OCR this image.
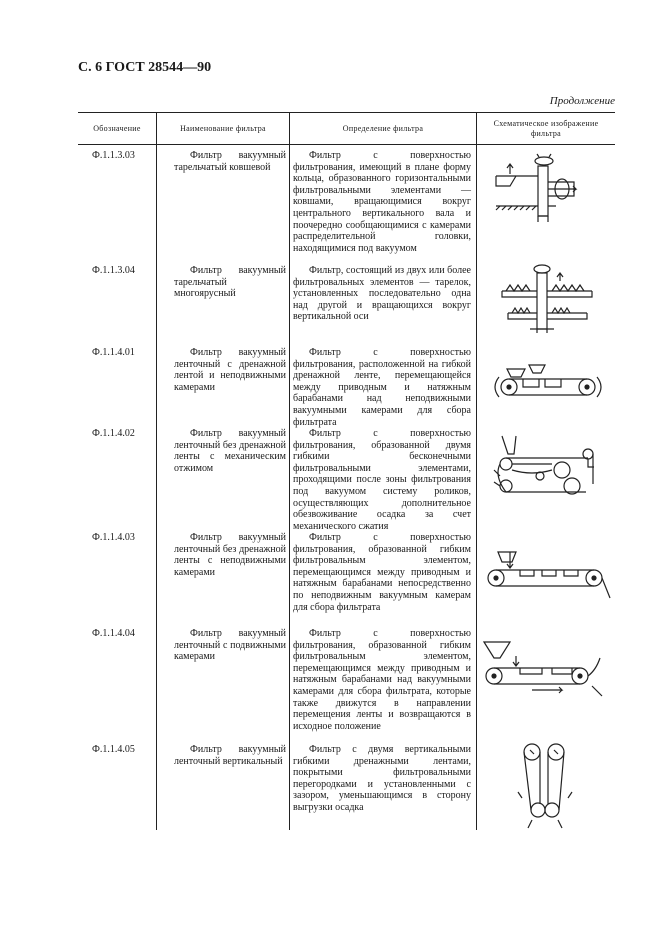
С. 6 ГОСТ 28544—90
Продолжение
Обозначение	Наименование фильтра	Определение фильтра
Схематическое изображение фильтра
Ф.1.1.3.03	Фильтр вакуумный тарельчатый ковшевой
Фильтр с поверхностью фильтрования, имеющий в плане форму кольца, образованного горизонтальными фильтровальными элементами — ковшами, вращающимися вокруг центрального вертикального вала и поочередно сообщающимися с камерами распределительной головки, находящимися под вакуумом
Ф.1.1.3.04	Фильтр вакуумный тарельчатый многоярусный
Фильтр, состоящий из двух или более фильтровальных элементов — тарелок, установленных последовательно одна над другой и вращающихся вокруг вертикальной оси
Ф.1.1.4.01	Фильтр вакуумный ленточный с дренажной лентой и неподвижными камерами
Фильтр с поверхностью фильтрования, расположенной на гибкой дренажной ленте, перемещающейся между приводным и натяжным барабанами над неподвижными вакуумными камерами для сбора фильтрата
Ф.1.1.4.02	Фильтр вакуумный ленточный без дренажной ленты с механическим отжимом
Фильтр с поверхностью фильтрования, образованной двумя гибкими бесконечными фильтровальными элементами, проходящими после зоны фильтрования под вакуумом систему роликов, осуществляющих дополнительное обезвоживание осадка за счет механического сжатия
Ф.1.1.4.03	Фильтр вакуумный ленточный без дренажной ленты с неподвижными камерами
Фильтр с поверхностью фильтрования, образованной гибким фильтровальным элементом, перемещающимся между приводным и натяжным барабанами непосредственно по неподвижным вакуумным камерам для сбора фильтрата
Ф.1.1.4.04	Фильтр вакуумный ленточный с подвижными камерами
Фильтр с поверхностью фильтрования, образованной гибким фильтровальным элементом, перемещающимся между приводным и натяжным барабанами над вакуумными камерами для сбора фильтрата, которые также движутся в направлении перемещения ленты и возвращаются в исходное положение
Ф.1.1.4.05	Фильтр вакуумный ленточный вертикальный
Фильтр с двумя вертикальными гибкими дренажными лентами, покрытыми фильтровальными перегородками и установленными с зазором, уменьшающимся в сторону выгрузки осадка
